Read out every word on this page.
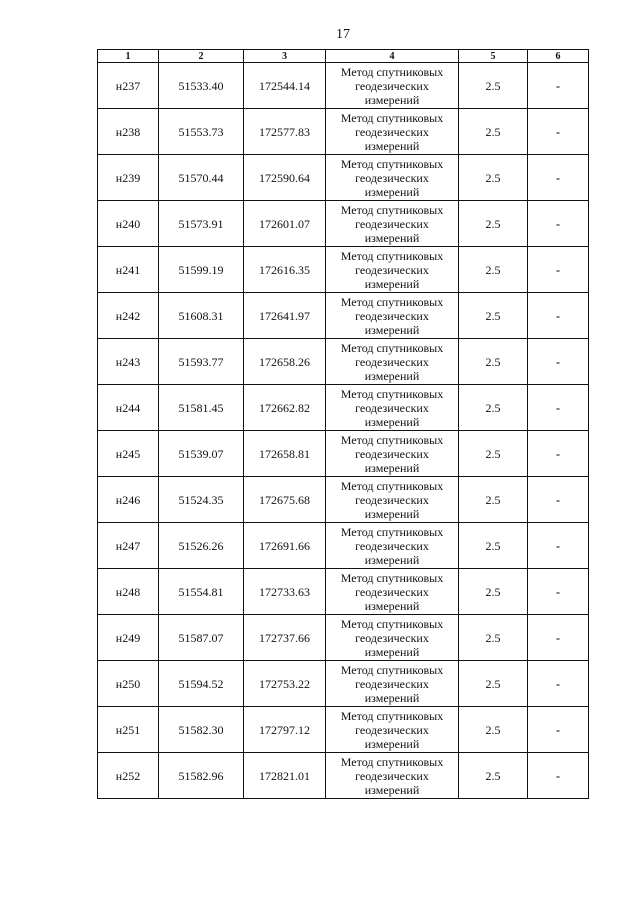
17
1	2	3	4	5	6
н237	51533.40	172544.14	Метод спутниковых геодезических измерений	2.5	-
н238	51553.73	172577.83	Метод спутниковых геодезических измерений	2.5	-
н239	51570.44	172590.64	Метод спутниковых геодезических измерений	2.5	-
н240	51573.91	172601.07	Метод спутниковых геодезических измерений	2.5	-
н241	51599.19	172616.35	Метод спутниковых геодезических измерений	2.5	-
н242	51608.31	172641.97	Метод спутниковых геодезических измерений	2.5	-
н243	51593.77	172658.26	Метод спутниковых геодезических измерений	2.5	-
н244	51581.45	172662.82	Метод спутниковых геодезических измерений	2.5	-
н245	51539.07	172658.81	Метод спутниковых геодезических измерений	2.5	-
н246	51524.35	172675.68	Метод спутниковых геодезических измерений	2.5	-
н247	51526.26	172691.66	Метод спутниковых геодезических измерений	2.5	-
н248	51554.81	172733.63	Метод спутниковых геодезических измерений	2.5	-
н249	51587.07	172737.66	Метод спутниковых геодезических измерений	2.5	-
н250	51594.52	172753.22	Метод спутниковых геодезических измерений	2.5	-
н251	51582.30	172797.12	Метод спутниковых геодезических измерений	2.5	-
н252	51582.96	172821.01	Метод спутниковых геодезических измерений	2.5	-
